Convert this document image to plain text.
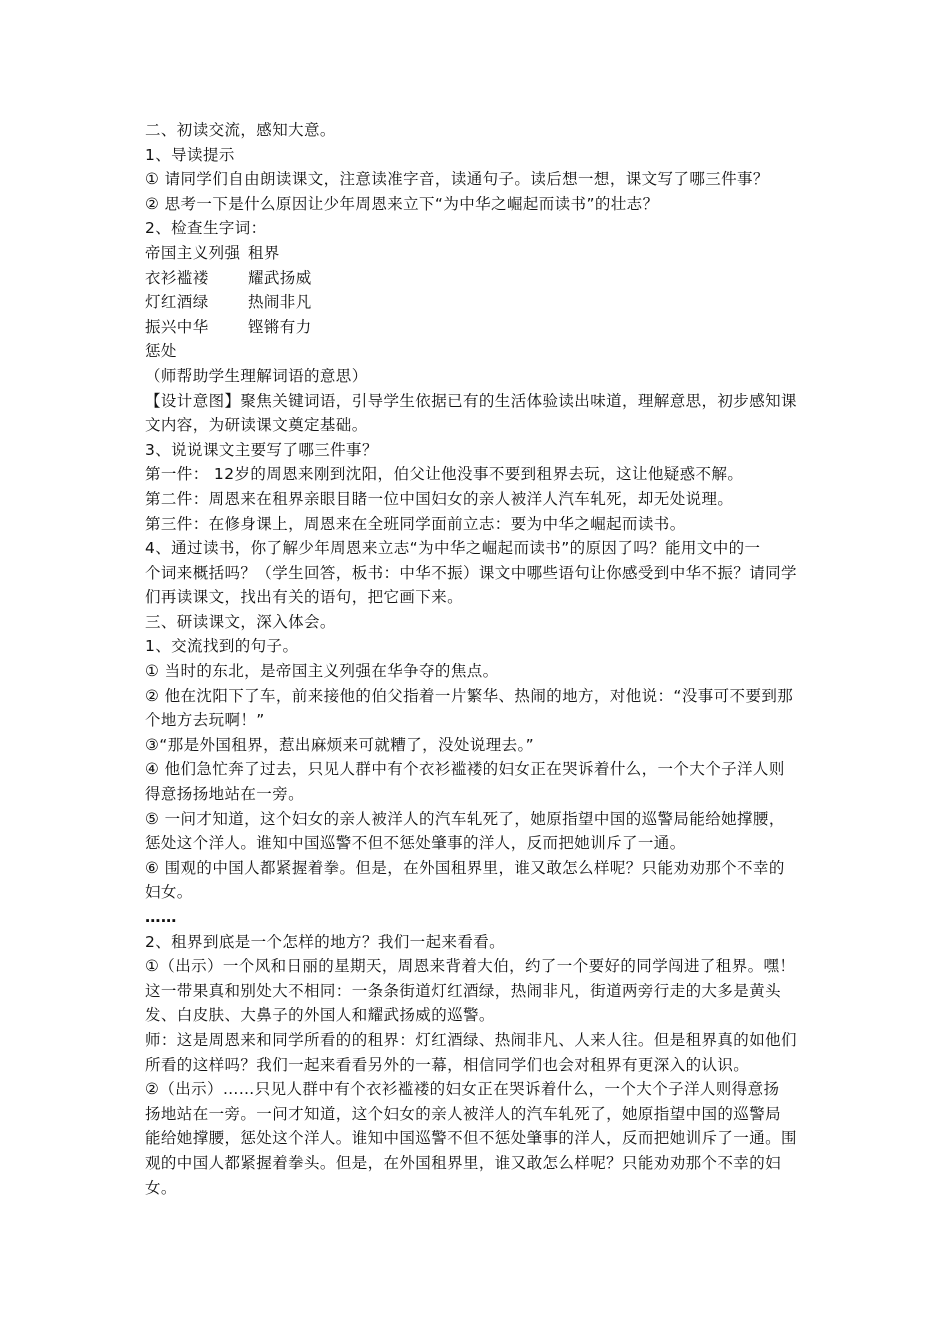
二、初读交流，感知大意。
1、导读提示
① 请同学们自由朗读课文，注意读准字音，读通句子。读后想一想，课文写了哪三件事？
② 思考一下是什么原因让少年周恩来立下“为中华之崛起而读书”的壮志？
2、检查生字词：
帝国主义列强 租界
衣衫褴褛	耀武扬威
灯红酒绿	热闹非凡
振兴中华	铿锵有力
惩处
（师帮助学生理解词语的意思）
【设计意图】聚焦关键词语，引导学生依据已有的生活体验读出味道，理解意思，初步感知课
文内容，为研读课文奠定基础。
3、说说课文主要写了哪三件事？
第一件： 12岁的周恩来刚到沈阳，伯父让他没事不要到租界去玩，这让他疑惑不解。
第二件：周恩来在租界亲眼目睹一位中国妇女的亲人被洋人汽车轧死，却无处说理。
第三件：在修身课上，周恩来在全班同学面前立志：要为中华之崛起而读书。
4、通过读书，你了解少年周恩来立志“为中华之崛起而读书”的原因了吗？能用文中的一
个词来概括吗？（学生回答，板书：中华不振）课文中哪些语句让你感受到中华不振？请同学
们再读课文，找出有关的语句，把它画下来。
三、研读课文，深入体会。
1、交流找到的句子。
① 当时的东北，是帝国主义列强在华争夺的焦点。
② 他在沈阳下了车，前来接他的伯父指着一片繁华、热闹的地方，对他说：“没事可不要到那
个地方去玩啊！”
③“那是外国租界，惹出麻烦来可就糟了，没处说理去。”
④ 他们急忙奔了过去，只见人群中有个衣衫褴褛的妇女正在哭诉着什么，一个大个子洋人则
得意扬扬地站在一旁。
⑤ 一问才知道，这个妇女的亲人被洋人的汽车轧死了，她原指望中国的巡警局能给她撑腰，
惩处这个洋人。谁知中国巡警不但不惩处肇事的洋人，反而把她训斥了一通。
⑥ 围观的中国人都紧握着拳。但是，在外国租界里，谁又敢怎么样呢？只能劝劝那个不幸的
妇女。
……
2、租界到底是一个怎样的地方？我们一起来看看。
①（出示）一个风和日丽的星期天，周恩来背着大伯，约了一个要好的同学闯进了租界。嘿！
这一带果真和别处大不相同：一条条街道灯红酒绿，热闹非凡，街道两旁行走的大多是黄头
发、白皮肤、大鼻子的外国人和耀武扬威的巡警。
师：这是周恩来和同学所看的的租界：灯红酒绿、热闹非凡、人来人往。但是租界真的如他们
所看的这样吗？我们一起来看看另外的一幕，相信同学们也会对租界有更深入的认识。
②（出示）……只见人群中有个衣衫褴褛的妇女正在哭诉着什么，一个大个子洋人则得意扬
扬地站在一旁。一问才知道，这个妇女的亲人被洋人的汽车轧死了，她原指望中国的巡警局
能给她撑腰，惩处这个洋人。谁知中国巡警不但不惩处肇事的洋人，反而把她训斥了一通。围
观的中国人都紧握着拳头。但是，在外国租界里，谁又敢怎么样呢？只能劝劝那个不幸的妇
女。
